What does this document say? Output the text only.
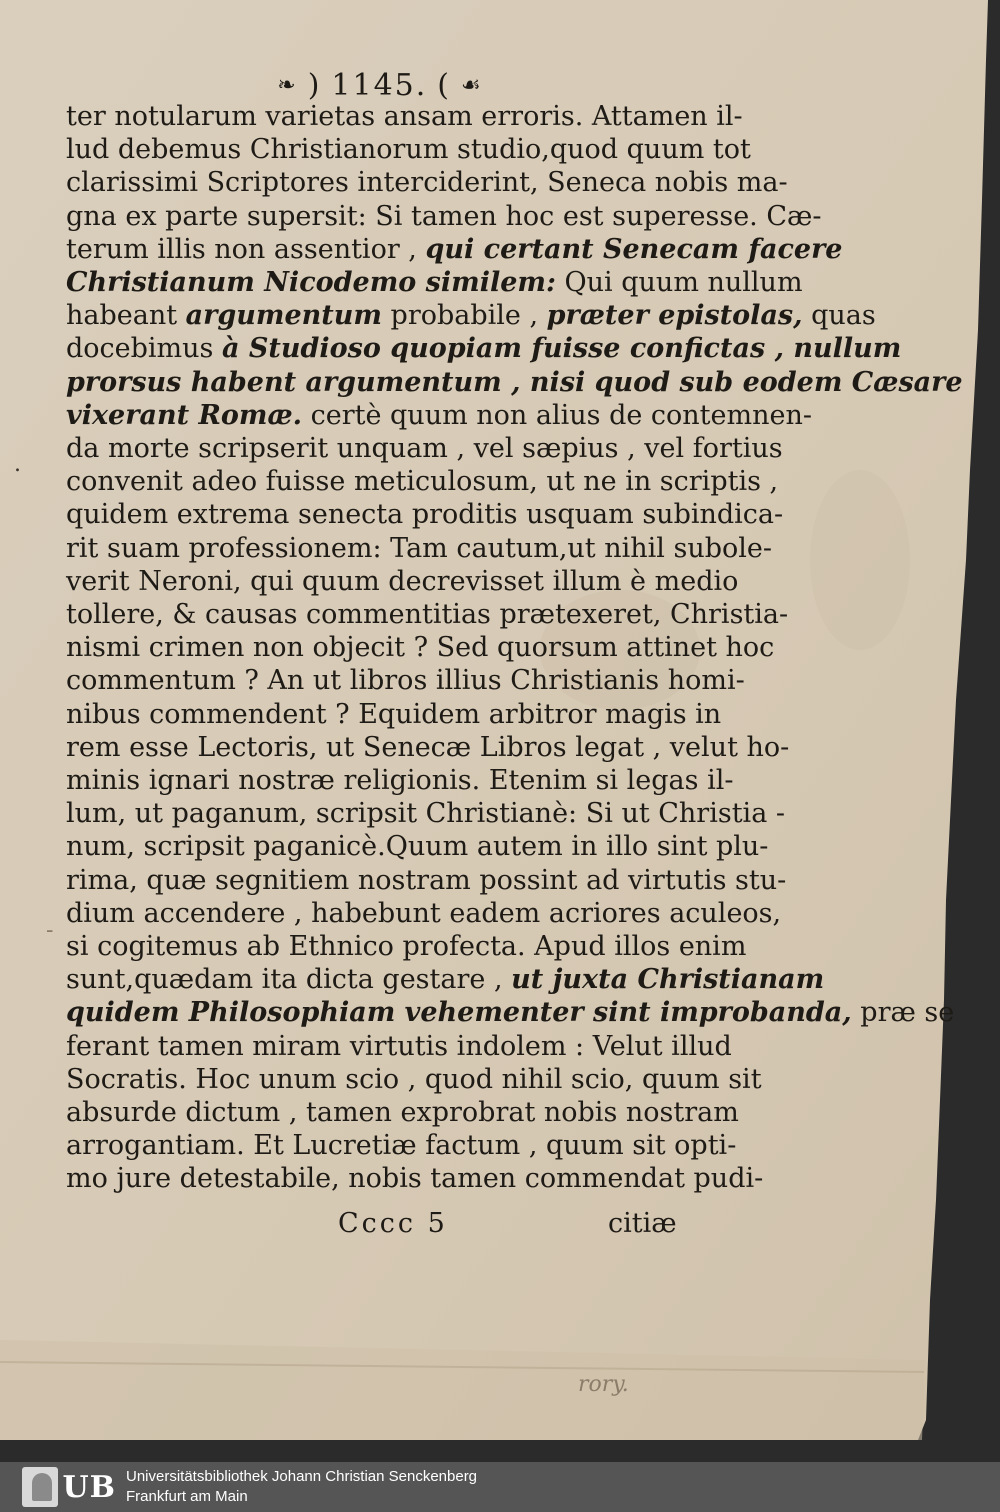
❧ ) 1145. ( ☙
ter notularum varietas ansam erroris. Attamen il-
lud debemus Christianorum studio,quod quum tot
clarissimi Scriptores interciderint, Seneca nobis ma-
gna ex parte supersit: Si tamen hoc est superesse. Cæ-
terum illis non assentior , qui certant Senecam facere
Christianum Nicodemo similem: Qui quum nullum
habeant argumentum probabile , præter epistolas, quas
docebimus à Studioso quopiam fuisse confictas , nullum
prorsus habent argumentum , nisi quod sub eodem Cæsare
vixerant Romæ. certè quum non alius de contemnen-
da morte scripserit unquam , vel sæpius , vel fortius
convenit adeo fuisse meticulosum, ut ne in scriptis ,
quidem extrema senecta proditis usquam subindica-
rit suam professionem: Tam cautum,ut nihil subole-
verit Neroni, qui quum decrevisset illum è medio
tollere, & causas commentitias prætexeret, Christia-
nismi crimen non objecit ? Sed quorsum attinet hoc
commentum ? An ut libros illius Christianis homi-
nibus commendent ? Equidem arbitror magis in
rem esse Lectoris, ut Senecæ Libros legat , velut ho-
minis ignari nostræ religionis. Etenim si legas il-
lum, ut paganum, scripsit Christianè: Si ut Christia -
num, scripsit paganicè.Quum autem in illo sint plu-
rima, quæ segnitiem nostram possint ad virtutis stu-
dium accendere , habebunt eadem acriores aculeos,
si cogitemus ab Ethnico profecta. Apud illos enim
sunt,quædam ita dicta gestare , ut juxta Christianam
quidem Philosophiam vehementer sint improbanda, præ se
ferant tamen miram virtutis indolem : Velut illud
Socratis. Hoc unum scio , quod nihil scio, quum sit
absurde dictum , tamen exprobrat nobis nostram
arrogantiam. Et Lucretiæ factum , quum sit opti-
mo jure detestabile, nobis tamen commendat pudi-
Cccc 5	citiæ
rory.
.
-
UB Universitätsbibliothek Johann Christian Senckenberg
Frankfurt am Main
